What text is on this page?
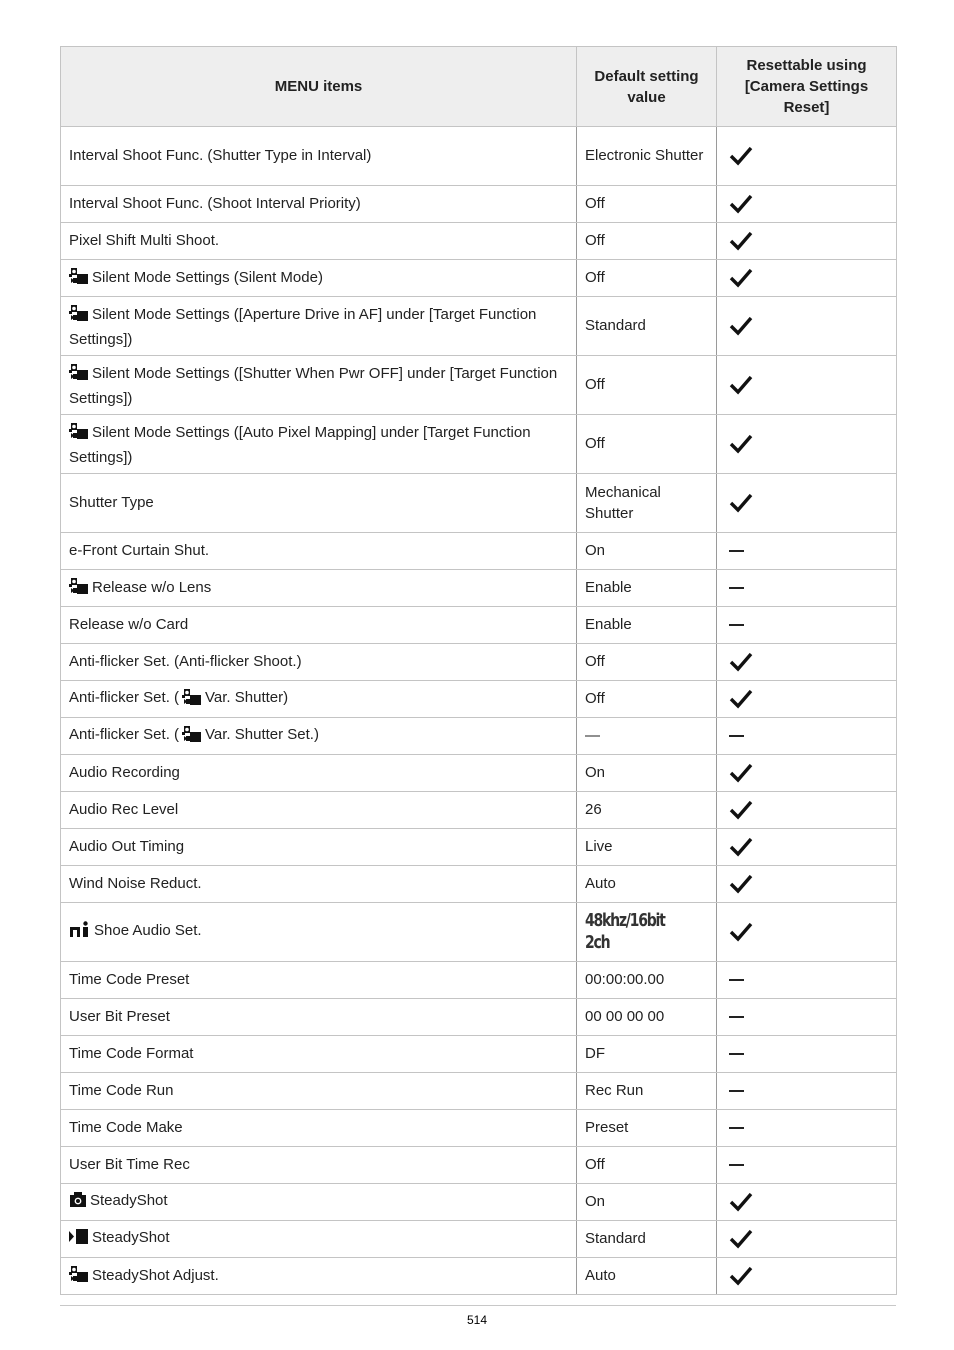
MENU items	Default setting value	Resettable using [Camera Settings Reset]
Interval Shoot Func. (Shutter Type in Interval)	Electronic Shutter	
Interval Shoot Func. (Shoot Interval Priority)	Off	
Pixel Shift Multi Shoot.	Off	
Silent Mode Settings (Silent Mode)	Off	
Silent Mode Settings ([Aperture Drive in AF] under [Target Function Settings])	Standard	
Silent Mode Settings ([Shutter When Pwr OFF] under [Target Function Settings])	Off	
Silent Mode Settings ([Auto Pixel Mapping] under [Target Function Settings])	Off	
Shutter Type	Mechanical Shutter	
e-Front Curtain Shut.	On	
Release w/o Lens	Enable	
Release w/o Card	Enable	
Anti-flicker Set. (Anti-flicker Shoot.)	Off	
Anti-flicker Set. ( Var. Shutter)	Off	
Anti-flicker Set. ( Var. Shutter Set.)	—	
Audio Recording	On	
Audio Rec Level	26	
Audio Out Timing	Live	
Wind Noise Reduct.	Auto	
Shoe Audio Set.	48khz/16bit 2ch	
Time Code Preset	00:00:00.00	
User Bit Preset	00 00 00 00	
Time Code Format	DF	
Time Code Run	Rec Run	
Time Code Make	Preset	
User Bit Time Rec	Off	
SteadyShot	On	
SteadyShot	Standard	
SteadyShot Adjust.	Auto	
514
